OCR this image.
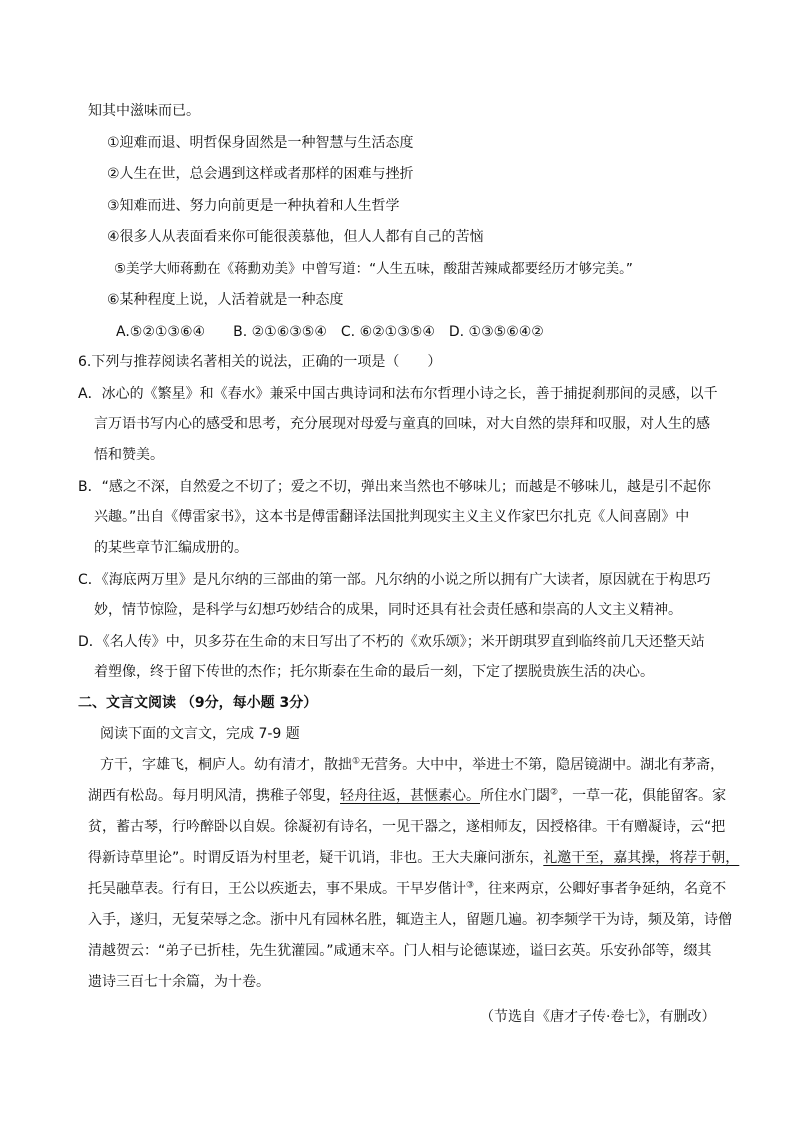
知其中滋味而已。
①迎难而退、明哲保身固然是一种智慧与生活态度
②人生在世，总会遇到这样或者那样的困难与挫折
③知难而进、努力向前更是一种执着和人生哲学
④很多人从表面看来你可能很羡慕他，但人人都有自己的苦恼
⑤美学大师蒋勳在《蒋勳劝美》中曾写道：“人生五味，酸甜苦辣咸都要经历才够完美。”
⑥某种程度上说，人活着就是一种态度
A.⑤②①③⑥④　　B. ②①⑥③⑤④　C. ⑥②①③⑤④　D. ①③⑤⑥④②
6.下列与推荐阅读名著相关的说法，正确的一项是（　　）
A．冰心的《繁星》和《春水》兼采中国古典诗词和法布尔哲理小诗之长，善于捕捉刹那间的灵感，以千
言万语书写内心的感受和思考，充分展现对母爱与童真的回味，对大自然的崇拜和叹服，对人生的感
悟和赞美。
B．“感之不深，自然爱之不切了；爱之不切，弹出来当然也不够味儿；而越是不够味儿，越是引不起你
兴趣。”出自《傅雷家书》，这本书是傅雷翻译法国批判现实主义主义作家巴尔扎克《人间喜剧》中
的某些章节汇编成册的。
C．《海底两万里》是凡尔纳的三部曲的第一部。凡尔纳的小说之所以拥有广大读者，原因就在于构思巧
妙，情节惊险，是科学与幻想巧妙结合的成果，同时还具有社会责任感和崇高的人文主义精神。
D．《名人传》中，贝多芬在生命的末日写出了不朽的《欢乐颂》；米开朗琪罗直到临终前几天还整天站
着塑像，终于留下传世的杰作；托尔斯泰在生命的最后一刻，下定了摆脱贵族生活的决心。
二、文言文阅读 （9分，每小题 3分）
阅读下面的文言文，完成 7-9 题
方干，字雄飞，桐庐人。幼有清才，散拙①无营务。大中中，举进士不第，隐居镜湖中。湖北有茅斋，
湖西有松岛。每月明风清，携稚子邻叟，轻舟往返，甚惬素心。所住水门閟②，一草一花，俱能留客。家
贫，蓄古琴，行吟醉卧以自娱。徐凝初有诗名，一见干器之，遂相师友，因授格律。干有赠凝诗，云“把
得新诗草里论”。时谓反语为村里老，疑干讥诮，非也。王大夫廉问浙东，礼邀干至，嘉其操，将荐于朝，
托吴融草表。行有日，王公以疾逝去，事不果成。干早岁偕计③，往来两京，公卿好事者争延纳，名竟不
入手，遂归，无复荣辱之念。浙中凡有园林名胜，辄造主人，留题几遍。初李频学干为诗，频及第，诗僧
清越贺云：“弟子已折桂，先生犹灌园。”咸通末卒。门人相与论德谋迹，谥曰玄英。乐安孙郃等，缀其
遗诗三百七十余篇，为十卷。
（节选自《唐才子传·卷七》，有删改）
